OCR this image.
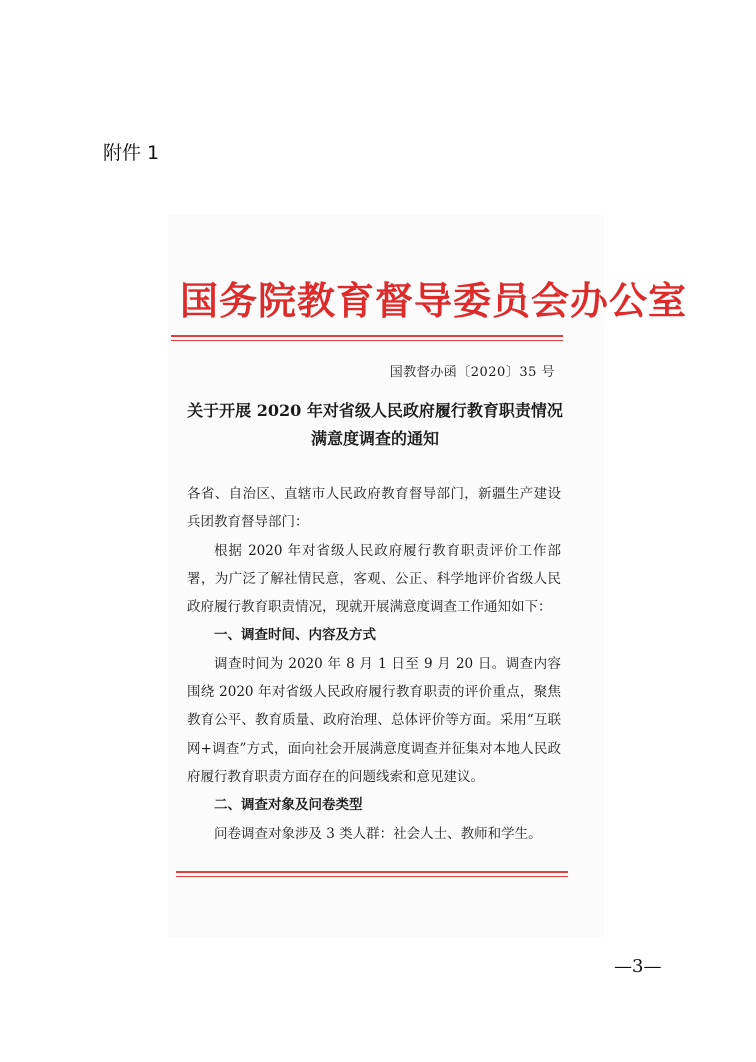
附件 1
国务院教育督导委员会办公室
国教督办函〔2020〕35 号
关于开展 2020 年对省级人民政府履行教育职责情况
满意度调查的通知

各省、自治区、直辖市人民政府教育督导部门，新疆生产建设兵团教育督导部门：

根据 2020 年对省级人民政府履行教育职责评价工作部署，为广泛了解社情民意，客观、公正、科学地评价省级人民政府履行教育职责情况，现就开展满意度调查工作通知如下：

一、调查时间、内容及方式

调查时间为 2020 年 8 月 1 日至 9 月 20 日。调查内容围绕 2020 年对省级人民政府履行教育职责的评价重点，聚焦教育公平、教育质量、政府治理、总体评价等方面。采用“互联网+调查”方式，面向社会开展满意度调查并征集对本地人民政府履行教育职责方面存在的问题线索和意见建议。

二、调查对象及问卷类型

问卷调查对象涉及 3 类人群：社会人士、教师和学生。

—3—
